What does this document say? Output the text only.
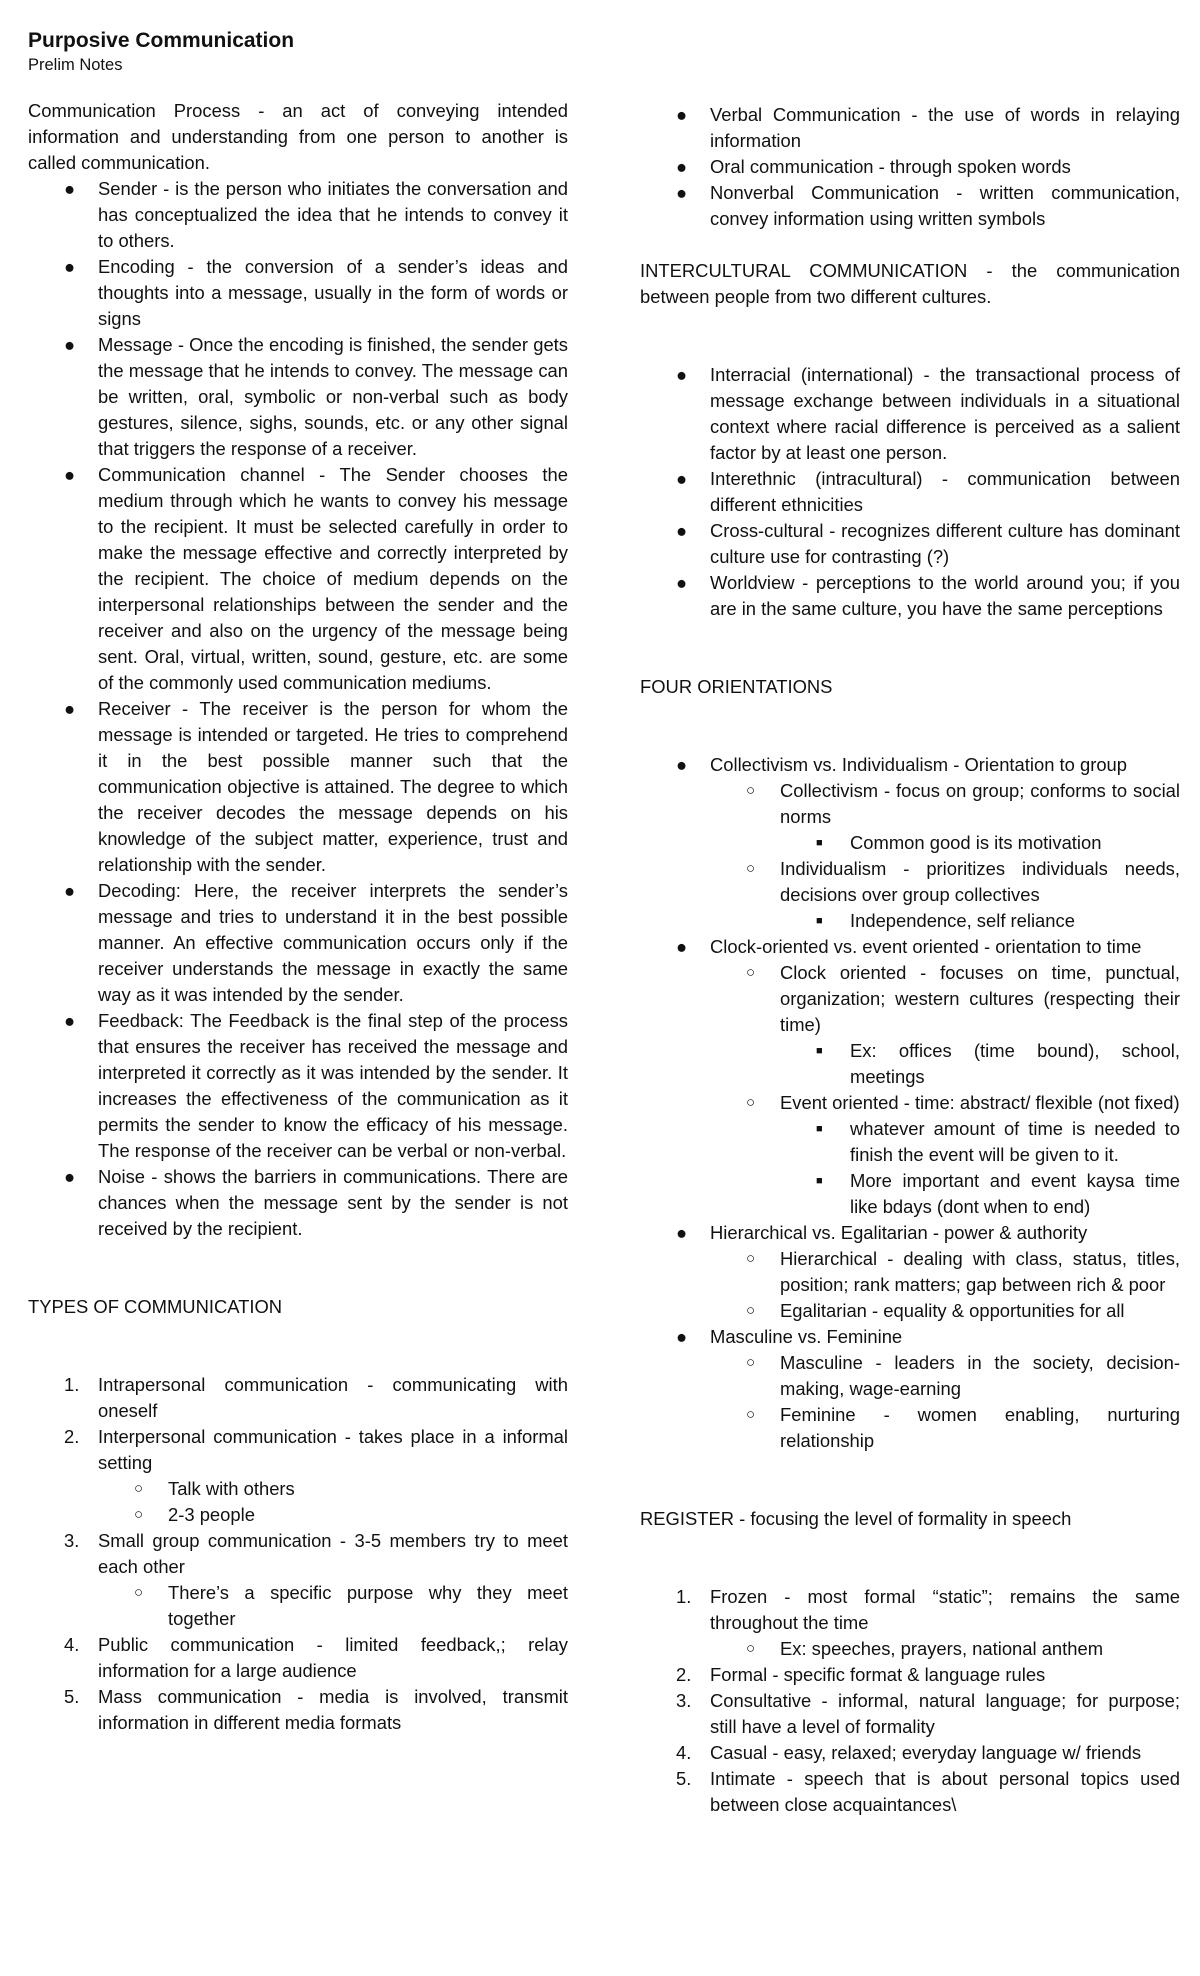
Purposive Communication
Prelim Notes

Communication Process - an act of conveying intended information and understanding from one person to another is called communication.

●	Sender - is the person who initiates the conversation and has conceptualized the idea that he intends to convey it to others.
●	Encoding - the conversion of a sender’s ideas and thoughts into a message, usually in the form of words or signs
●	Message - Once the encoding is finished, the sender gets the message that he intends to convey. The message can be written, oral, symbolic or non-verbal such as body gestures, silence, sighs, sounds, etc. or any other signal that triggers the response of a receiver.
●	Communication channel - The Sender chooses the medium through which he wants to convey his message to the recipient. It must be selected carefully in order to make the message effective and correctly interpreted by the recipient. The choice of medium depends on the interpersonal relationships between the sender and the receiver and also on the urgency of the message being sent. Oral, virtual, written, sound, gesture, etc. are some of the commonly used communication mediums.
●	Receiver - The receiver is the person for whom the message is intended or targeted. He tries to comprehend it in the best possible manner such that the communication objective is attained. The degree to which the receiver decodes the message depends on his knowledge of the subject matter, experience, trust and relationship with the sender.
●	Decoding: Here, the receiver interprets the sender’s message and tries to understand it in the best possible manner. An effective communication occurs only if the receiver understands the message in exactly the same way as it was intended by the sender.
●	Feedback: The Feedback is the final step of the process that ensures the receiver has received the message and interpreted it correctly as it was intended by the sender. It increases the effectiveness of the communication as it permits the sender to know the efficacy of his message. The response of the receiver can be verbal or non-verbal.
●	Noise - shows the barriers in communications. There are chances when the message sent by the sender is not received by the recipient.

TYPES OF COMMUNICATION

1. Intrapersonal communication - communicating with oneself
2. Interpersonal communication - takes place in a informal setting
○ Talk with others
○ 2-3 people
3. Small group communication - 3-5 members try to meet each other
○ There’s a specific purpose why they meet together
4. Public communication - limited feedback,; relay information for a large audience
5. Mass communication - media is involved, transmit information in different media formats
●	Verbal Communication - the use of words in relaying information
●	Oral communication - through spoken words
●	Nonverbal Communication - written communication, convey information using written symbols

INTERCULTURAL COMMUNICATION - the communication between people from two different cultures.

●	Interracial (international) - the transactional process of message exchange between individuals in a situational context where racial difference is perceived as a salient factor by at least one person.
●	Interethnic (intracultural) - communication between different ethnicities
●	Cross-cultural - recognizes different culture has dominant culture use for contrasting (?)
●	Worldview - perceptions to the world around you; if you are in the same culture, you have the same perceptions

FOUR ORIENTATIONS

●	Collectivism vs. Individualism - Orientation to group
○ Collectivism - focus on group; conforms to social norms
■ Common good is its motivation
○ Individualism - prioritizes individuals needs, decisions over group collectives
■ Independence, self reliance
●	Clock-oriented vs. event oriented - orientation to time
○ Clock oriented - focuses on time, punctual, organization; western cultures (respecting their time)
■ Ex: offices (time bound), school, meetings
○ Event oriented - time: abstract/ flexible (not fixed)
■ whatever amount of time is needed to finish the event will be given to it.
■ More important and event kaysa time like bdays (dont when to end)
●	Hierarchical vs. Egalitarian - power & authority
○ Hierarchical - dealing with class, status, titles, position; rank matters; gap between rich & poor
○ Egalitarian - equality & opportunities for all
●	Masculine vs. Feminine
○ Masculine - leaders in the society, decision-making, wage-earning
○ Feminine - women enabling, nurturing relationship

REGISTER - focusing the level of formality in speech

1. Frozen - most formal “static”; remains the same throughout the time
○ Ex: speeches, prayers, national anthem
2. Formal - specific format & language rules
3. Consultative - informal, natural language; for purpose; still have a level of formality
4. Casual - easy, relaxed; everyday language w/ friends
5. Intimate - speech that is about personal topics used between close acquaintances\
